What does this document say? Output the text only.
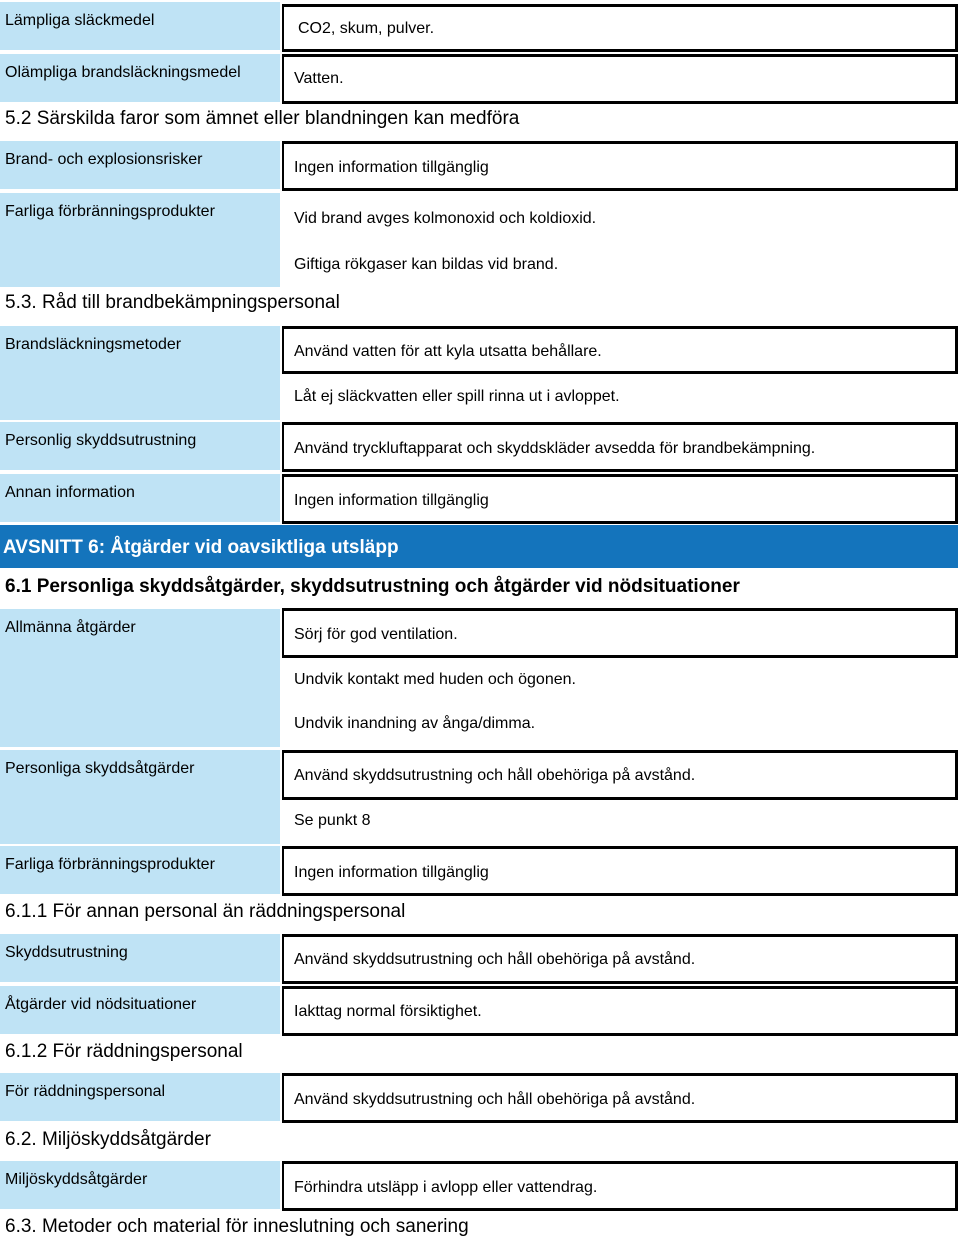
Lämpliga släckmedel	CO2, skum, pulver.
Olämpliga brandsläckningsmedel	Vatten.
5.2 Särskilda faror som ämnet eller blandningen kan medföra
Brand- och explosionsrisker	Ingen information tillgänglig
Farliga förbränningsprodukter	Vid brand avges kolmonoxid och koldioxid.
Giftiga rökgaser kan bildas vid brand.
5.3. Råd till brandbekämpningspersonal
Brandsläckningsmetoder	Använd vatten för att kyla utsatta behållare.
Låt ej släckvatten eller spill rinna ut i avloppet.
Personlig skyddsutrustning	Använd tryckluftapparat och skyddskläder avsedda för brandbekämpning.
Annan information	Ingen information tillgänglig
AVSNITT 6: Åtgärder vid oavsiktliga utsläpp
6.1 Personliga skyddsåtgärder, skyddsutrustning och åtgärder vid nödsituationer
Allmänna åtgärder	Sörj för god ventilation.
Undvik kontakt med huden och ögonen.
Undvik inandning av ånga/dimma.
Personliga skyddsåtgärder	Använd skyddsutrustning och håll obehöriga på avstånd.
Se punkt 8
Farliga förbränningsprodukter	Ingen information tillgänglig
6.1.1 För annan personal än räddningspersonal
Skyddsutrustning	Använd skyddsutrustning och håll obehöriga på avstånd.
Åtgärder vid nödsituationer	Iakttag normal försiktighet.
6.1.2 För räddningspersonal
För räddningspersonal	Använd skyddsutrustning och håll obehöriga på avstånd.
6.2. Miljöskyddsåtgärder
Miljöskyddsåtgärder	Förhindra utsläpp i avlopp eller vattendrag.
6.3. Metoder och material för inneslutning och sanering
